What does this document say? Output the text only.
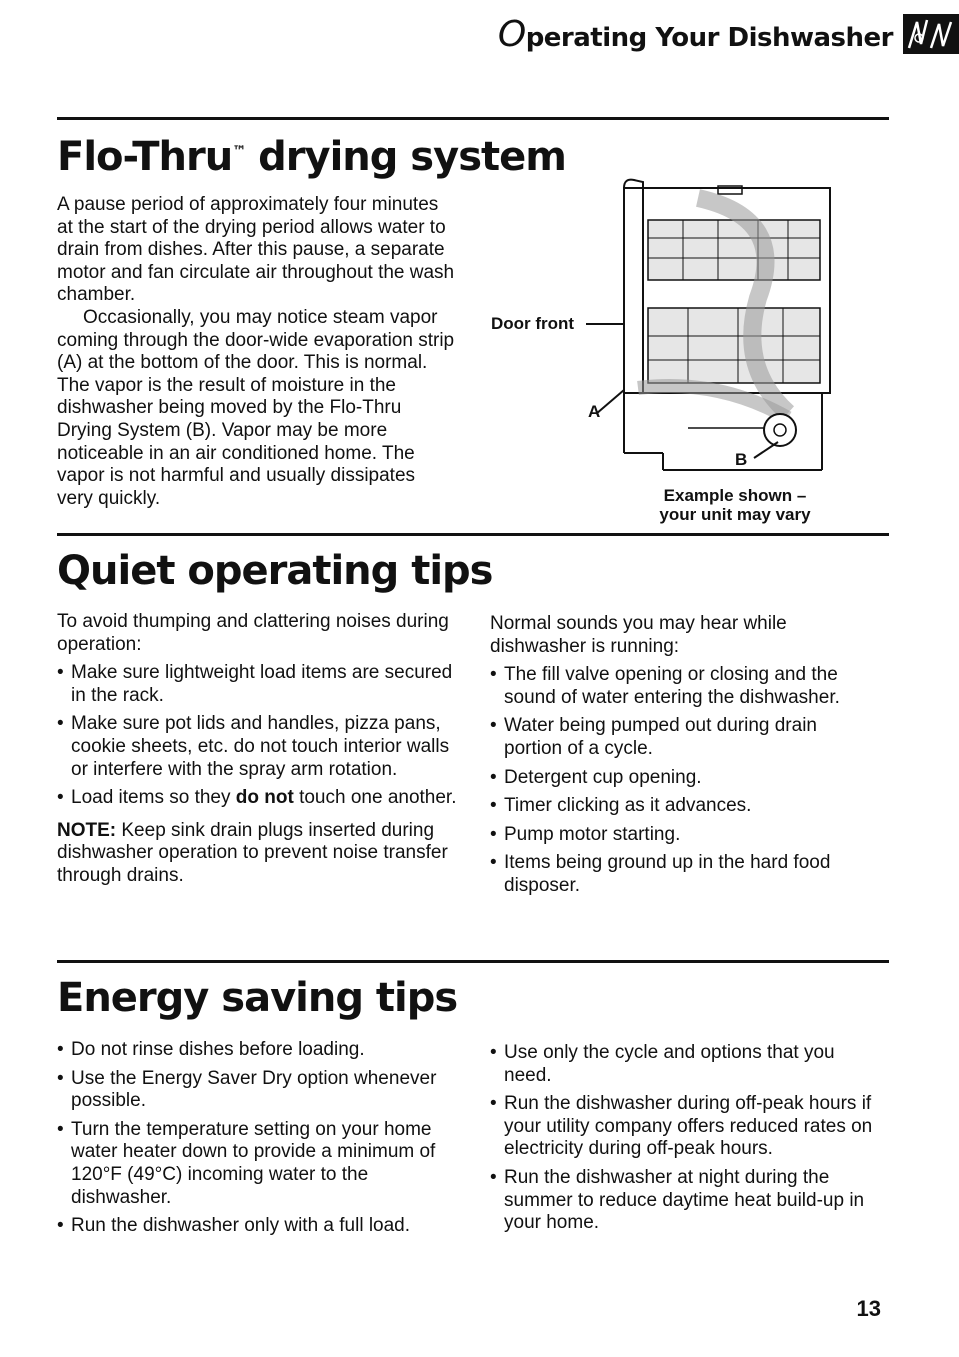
Operating Your Dishwasher
Flo-Thru™ drying system

A pause period of approximately four minutes at the start of the drying period allows water to drain from dishes. After this pause, a separate motor and fan circulate air throughout the wash chamber.

Occasionally, you may notice steam vapor coming through the door-wide evaporation strip (A) at the bottom of the door. This is normal. The vapor is the result of moisture in the dishwasher being moved by the Flo-Thru Drying System (B). Vapor may be more noticeable in an air conditioned home. The vapor is not harmful and usually dissipates very quickly.

Door front
A
B
Example shown –
your unit may vary
Quiet operating tips

To avoid thumping and clattering noises during operation:

• Make sure lightweight load items are secured in the rack.
• Make sure pot lids and handles, pizza pans, cookie sheets, etc. do not touch interior walls or interfere with the spray arm rotation.
• Load items so they do not touch one another.

NOTE: Keep sink drain plugs inserted during dishwasher operation to prevent noise transfer through drains.

Normal sounds you may hear while dishwasher is running:

• The fill valve opening or closing and the sound of water entering the dishwasher.
• Water being pumped out during drain portion of a cycle.
• Detergent cup opening.
• Timer clicking as it advances.
• Pump motor starting.
• Items being ground up in the hard food disposer.
Energy saving tips
• Do not rinse dishes before loading.
• Use the Energy Saver Dry option whenever possible.
• Turn the temperature setting on your home water heater down to provide a minimum of 120°F (49°C) incoming water to the dishwasher.
• Run the dishwasher only with a full load.
• Use only the cycle and options that you need.
• Run the dishwasher during off-peak hours if your utility company offers reduced rates on electricity during off-peak hours.
• Run the dishwasher at night during the summer to reduce daytime heat build-up in your home.
13
